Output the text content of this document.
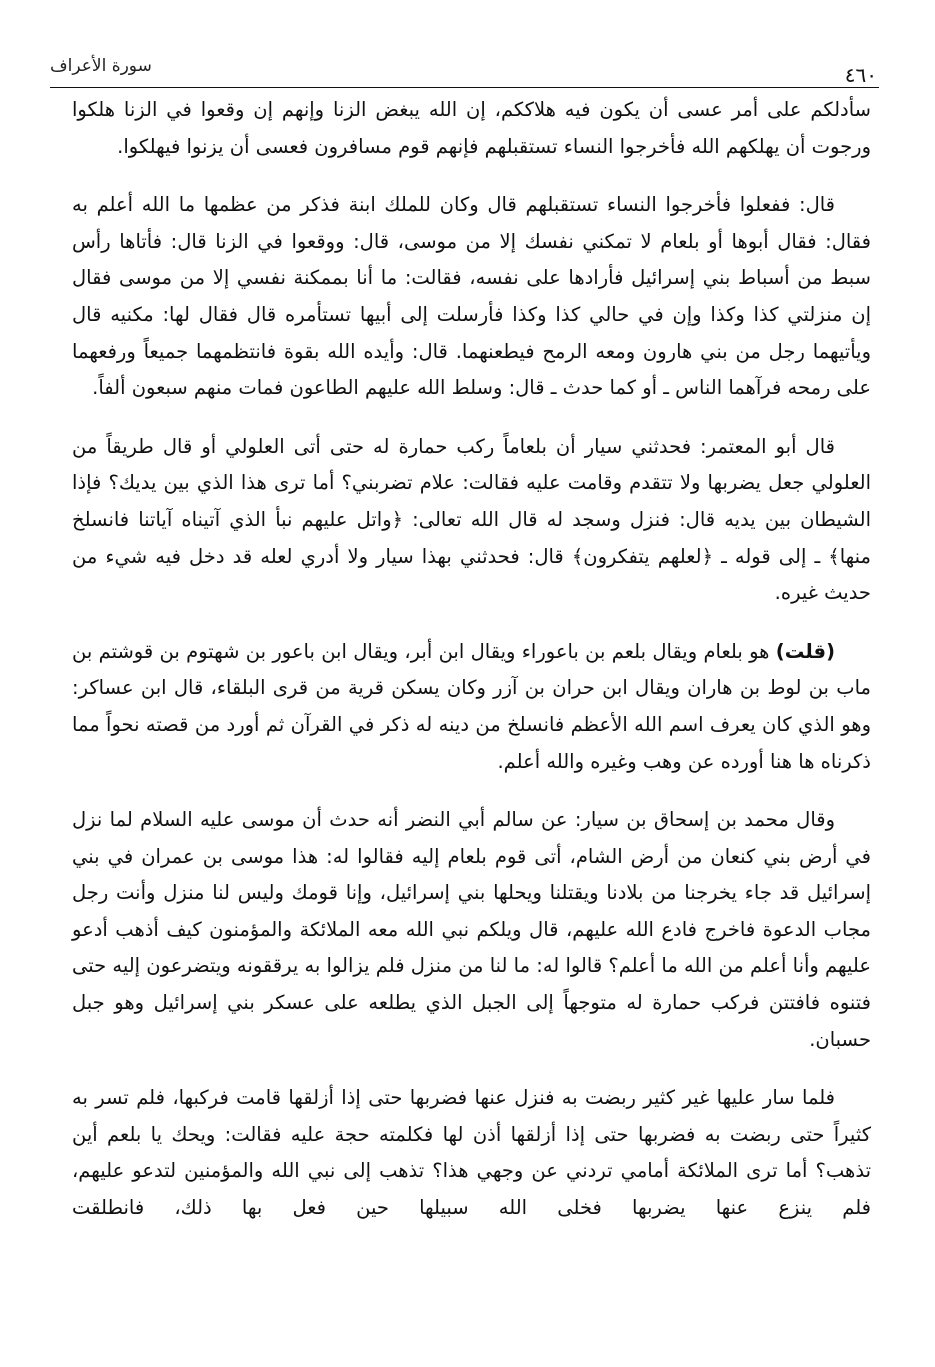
سورة الأعراف	٤٦٠

سأدلكم على أمر عسى أن يكون فيه هلاككم، إن الله يبغض الزنا وإنهم إن وقعوا في الزنا هلكوا ورجوت أن يهلكهم الله فأخرجوا النساء تستقبلهم فإنهم قوم مسافرون فعسى أن يزنوا فيهلكوا.

قال: ففعلوا فأخرجوا النساء تستقبلهم قال وكان للملك ابنة فذكر من عظمها ما الله أعلم به فقال: فقال أبوها أو بلعام لا تمكني نفسك إلا من موسى، قال: ووقعوا في الزنا قال: فأتاها رأس سبط من أسباط بني إسرائيل فأرادها على نفسه، فقالت: ما أنا بممكنة نفسي إلا من موسى فقال إن منزلتي كذا وكذا وإن في حالي كذا وكذا فأرسلت إلى أبيها تستأمره قال فقال لها: مكنيه قال ويأتيهما رجل من بني هارون ومعه الرمح فيطعنهما. قال: وأيده الله بقوة فانتظمهما جميعاً ورفعهما على رمحه فرآهما الناس ـ أو كما حدث ـ قال: وسلط الله عليهم الطاعون فمات منهم سبعون ألفاً.

قال أبو المعتمر: فحدثني سيار أن بلعاماً ركب حمارة له حتى أتى العلولي أو قال طريقاً من العلولي جعل يضربها ولا تتقدم وقامت عليه فقالت: علام تضربني؟ أما ترى هذا الذي بين يديك؟ فإذا الشيطان بين يديه قال: فنزل وسجد له قال الله تعالى: ﴿واتل عليهم نبأ الذي آتيناه آياتنا فانسلخ منها﴾ ـ إلى قوله ـ ﴿لعلهم يتفكرون﴾ قال: فحدثني بهذا سيار ولا أدري لعله قد دخل فيه شيء من حديث غيره.

(قلت) هو بلعام ويقال بلعم بن باعوراء ويقال ابن أبر، ويقال ابن باعور بن شهتوم بن قوشتم بن ماب بن لوط بن هاران ويقال ابن حران بن آزر وكان يسكن قرية من قرى البلقاء، قال ابن عساكر: وهو الذي كان يعرف اسم الله الأعظم فانسلخ من دينه له ذكر في القرآن ثم أورد من قصته نحواً مما ذكرناه ها هنا أورده عن وهب وغيره والله أعلم.

وقال محمد بن إسحاق بن سيار: عن سالم أبي النضر أنه حدث أن موسى عليه السلام لما نزل في أرض بني كنعان من أرض الشام، أتى قوم بلعام إليه فقالوا له: هذا موسى بن عمران في بني إسرائيل قد جاء يخرجنا من بلادنا ويقتلنا ويحلها بني إسرائيل، وإنا قومك وليس لنا منزل وأنت رجل مجاب الدعوة فاخرج فادع الله عليهم، قال ويلكم نبي الله معه الملائكة والمؤمنون كيف أذهب أدعو عليهم وأنا أعلم من الله ما أعلم؟ قالوا له: ما لنا من منزل فلم يزالوا به يرققونه ويتضرعون إليه حتى فتنوه فافتتن فركب حمارة له متوجهاً إلى الجبل الذي يطلعه على عسكر بني إسرائيل وهو جبل حسبان.

فلما سار عليها غير كثير ربضت به فنزل عنها فضربها حتى إذا أزلقها قامت فركبها، فلم تسر به كثيراً حتى ربضت به فضربها حتى إذا أزلقها أذن لها فكلمته حجة عليه فقالت: ويحك يا بلعم أين تذهب؟ أما ترى الملائكة أمامي تردني عن وجهي هذا؟ تذهب إلى نبي الله والمؤمنين لتدعو عليهم، فلم ينزع عنها يضربها فخلى الله سبيلها حين فعل بها ذلك، فانطلقت
